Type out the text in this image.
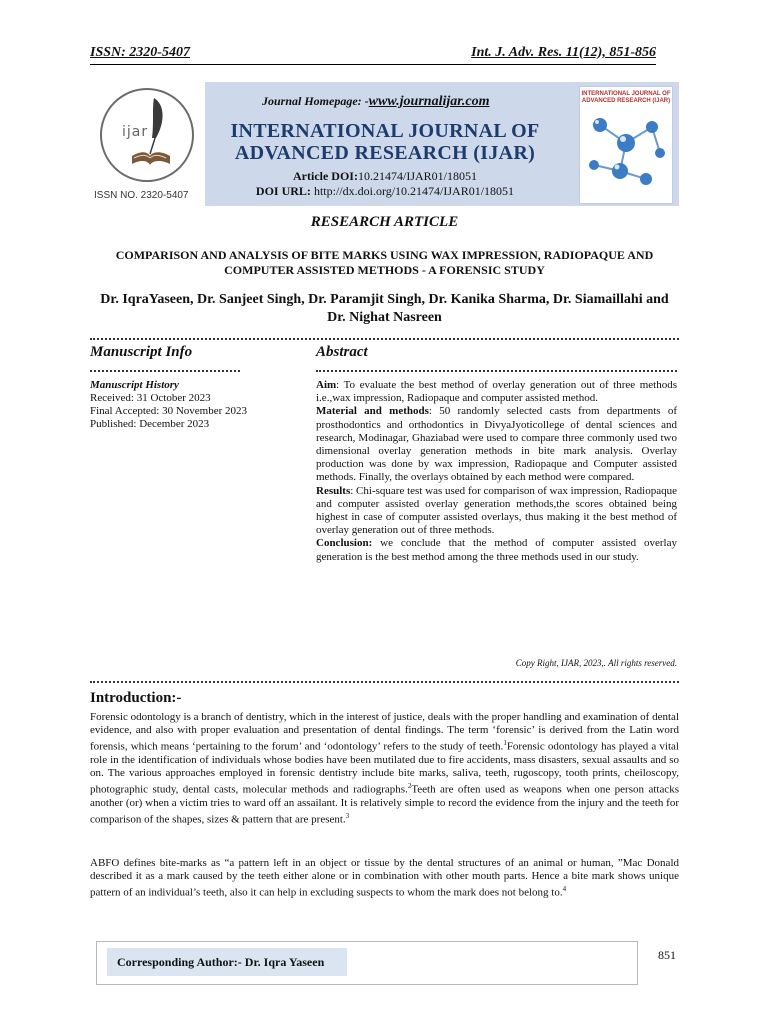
ISSN: 2320-5407	Int. J. Adv. Res. 11(12), 851-856
ijar
ISSN NO. 2320-5407
Journal Homepage: -www.journalijar.com
INTERNATIONAL JOURNAL OF
ADVANCED RESEARCH (IJAR)
Article DOI:10.21474/IJAR01/18051
DOI URL: http://dx.doi.org/10.21474/IJAR01/18051
INTERNATIONAL JOURNAL OF ADVANCED RESEARCH (IJAR)
RESEARCH ARTICLE
COMPARISON AND ANALYSIS OF BITE MARKS USING WAX IMPRESSION, RADIOPAQUE AND COMPUTER ASSISTED METHODS - A FORENSIC STUDY
Dr. IqraYaseen, Dr. Sanjeet Singh, Dr. Paramjit Singh, Dr. Kanika Sharma, Dr. Siamaillahi and
Dr. Nighat Nasreen
Manuscript Info
Manuscript History
Received: 31 October 2023
Final Accepted: 30 November 2023
Published: December 2023
Abstract

Aim: To evaluate the best method of overlay generation out of three methods i.e.,wax impression, Radiopaque and computer assisted method.

Material and methods: 50 randomly selected casts from departments of prosthodontics and orthodontics in DivyaJyoticollege of dental sciences and research, Modinagar, Ghaziabad were used to compare three commonly used two dimensional overlay generation methods in bite mark analysis. Overlay production was done by wax impression, Radiopaque and Computer assisted methods. Finally, the overlays obtained by each method were compared.

Results: Chi-square test was used for comparison of wax impression, Radiopaque and computer assisted overlay generation methods,the scores obtained being highest in case of computer assisted overlays, thus making it the best method of overlay generation out of three methods.

Conclusion: we conclude that the method of computer assisted overlay generation is the best method among the three methods used in our study.

Copy Right, IJAR, 2023,. All rights reserved.
Introduction:-

Forensic odontology is a branch of dentistry, which in the interest of justice, deals with the proper handling and examination of dental evidence, and also with proper evaluation and presentation of dental findings. The term ‘forensic’ is derived from the Latin word forensis, which means ‘pertaining to the forum’ and ‘odontology’ refers to the study of teeth.$^1$Forensic odontology has played a vital role in the identification of individuals whose bodies have been mutilated due to fire accidents, mass disasters, sexual assaults and so on. The various approaches employed in forensic dentistry include bite marks, saliva, teeth, rugoscopy, tooth prints, cheiloscopy, photographic study, dental casts, molecular methods and radiographs.$^2$Teeth are often used as weapons when one person attacks another (or) when a victim tries to ward off an assailant. It is relatively simple to record the evidence from the injury and the teeth for comparison of the shapes, sizes & pattern that are present.$^3$

ABFO defines bite-marks as “a pattern left in an object or tissue by the dental structures of an animal or human, ”Mac Donald described it as a mark caused by the teeth either alone or in combination with other mouth parts. Hence a bite mark shows unique pattern of an individual’s teeth, also it can help in excluding suspects to whom the mark does not belong to.$^4$

Corresponding Author:- Dr. Iqra Yaseen	851
